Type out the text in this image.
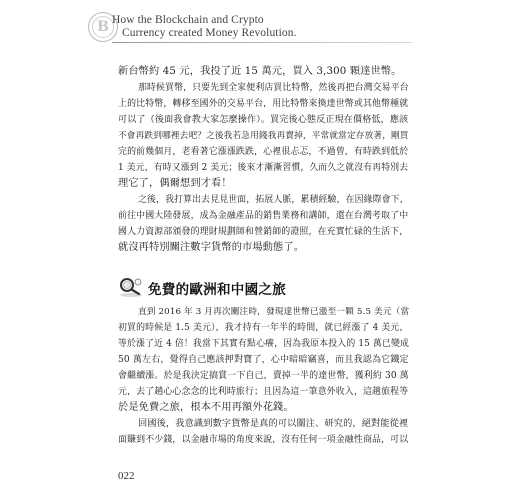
B How the Blockchain and Crypto
Currency created Money Revolution.
新台幣約 45 元，我投了近 15 萬元，買入 3,300 顆達世幣。
那時候買幣，只要先到全家便利店買比特幣，然後再把台灣交易平台
上的比特幣，轉移至國外的交易平台，用比特幣來換達世幣或其他幣種就
可以了（後面我會教大家怎麼操作）。買完後心態反正現在價格低，應該
不會再跌到哪裡去吧？之後我若急用錢我再賣掉，平常就當定存放著，剛買
完的前幾個月，老看著它漲漲跌跌，心裡很忐忑，不過曾，有時跌到低於
1 美元，有時又漲到 2 美元；後來才漸漸習慣，久而久之就沒有再特別去
理它了，偶爾想到才看！
之後，我打算出去見見世面，拓展人脈，累積經驗，在因緣際會下，
前往中國大陸發展，成為金融產品的銷售業務和講師，還在台灣考取了中
國人力資源部頒發的理財規劃師和營銷師的證照，在充實忙碌的生活下，
就沒再特別關注數字貨幣的市場動態了。
免費的歐洲和中國之旅
直到 2016 年 3 月再次關注時，發現達世幣已漲至一顆 5.5 美元（當
初買的時候是 1.5 美元），我才持有一年半的時間，就已經漲了 4 美元，
等於漲了近 4 倍！我當下其實有點心癢，因為我原本投入的 15 萬已變成
50 萬左右，覺得自己應該押對寶了，心中暗暗竊喜，而且我認為它鐵定
會繼續漲。於是我決定搞賞一下自己，賣掉一半的達世幣，獲利約 30 萬
元，去了趟心心念念的比利時旅行；且因為這一筆意外收入，這趟旅程等
於是免費之旅，根本不用再額外花錢。
回國後，我意識到數字貨幣是真的可以關注、研究的，絕對能從裡
面賺到不少錢，以金融市場的角度來說，沒有任何一項金融性商品，可以
022
